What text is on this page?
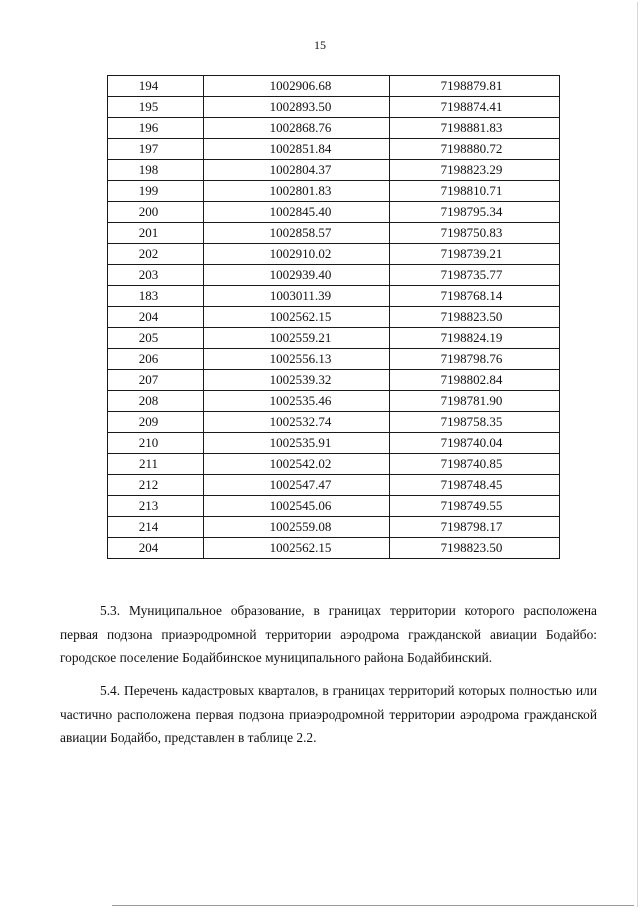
15
194	1002906.68	7198879.81
195	1002893.50	7198874.41
196	1002868.76	7198881.83
197	1002851.84	7198880.72
198	1002804.37	7198823.29
199	1002801.83	7198810.71
200	1002845.40	7198795.34
201	1002858.57	7198750.83
202	1002910.02	7198739.21
203	1002939.40	7198735.77
183	1003011.39	7198768.14
204	1002562.15	7198823.50
205	1002559.21	7198824.19
206	1002556.13	7198798.76
207	1002539.32	7198802.84
208	1002535.46	7198781.90
209	1002532.74	7198758.35
210	1002535.91	7198740.04
211	1002542.02	7198740.85
212	1002547.47	7198748.45
213	1002545.06	7198749.55
214	1002559.08	7198798.17
204	1002562.15	7198823.50

5.3. Муниципальное образование, в границах территории которого расположена первая подзона приаэродромной территории аэродрома гражданской авиации Бодайбо: городское поселение Бодайбинское муниципального района Бодайбинский.

5.4. Перечень кадастровых кварталов, в границах территорий которых полностью или частично расположена первая подзона приаэродромной территории аэродрома гражданской авиации Бодайбо, представлен в таблице 2.2.
